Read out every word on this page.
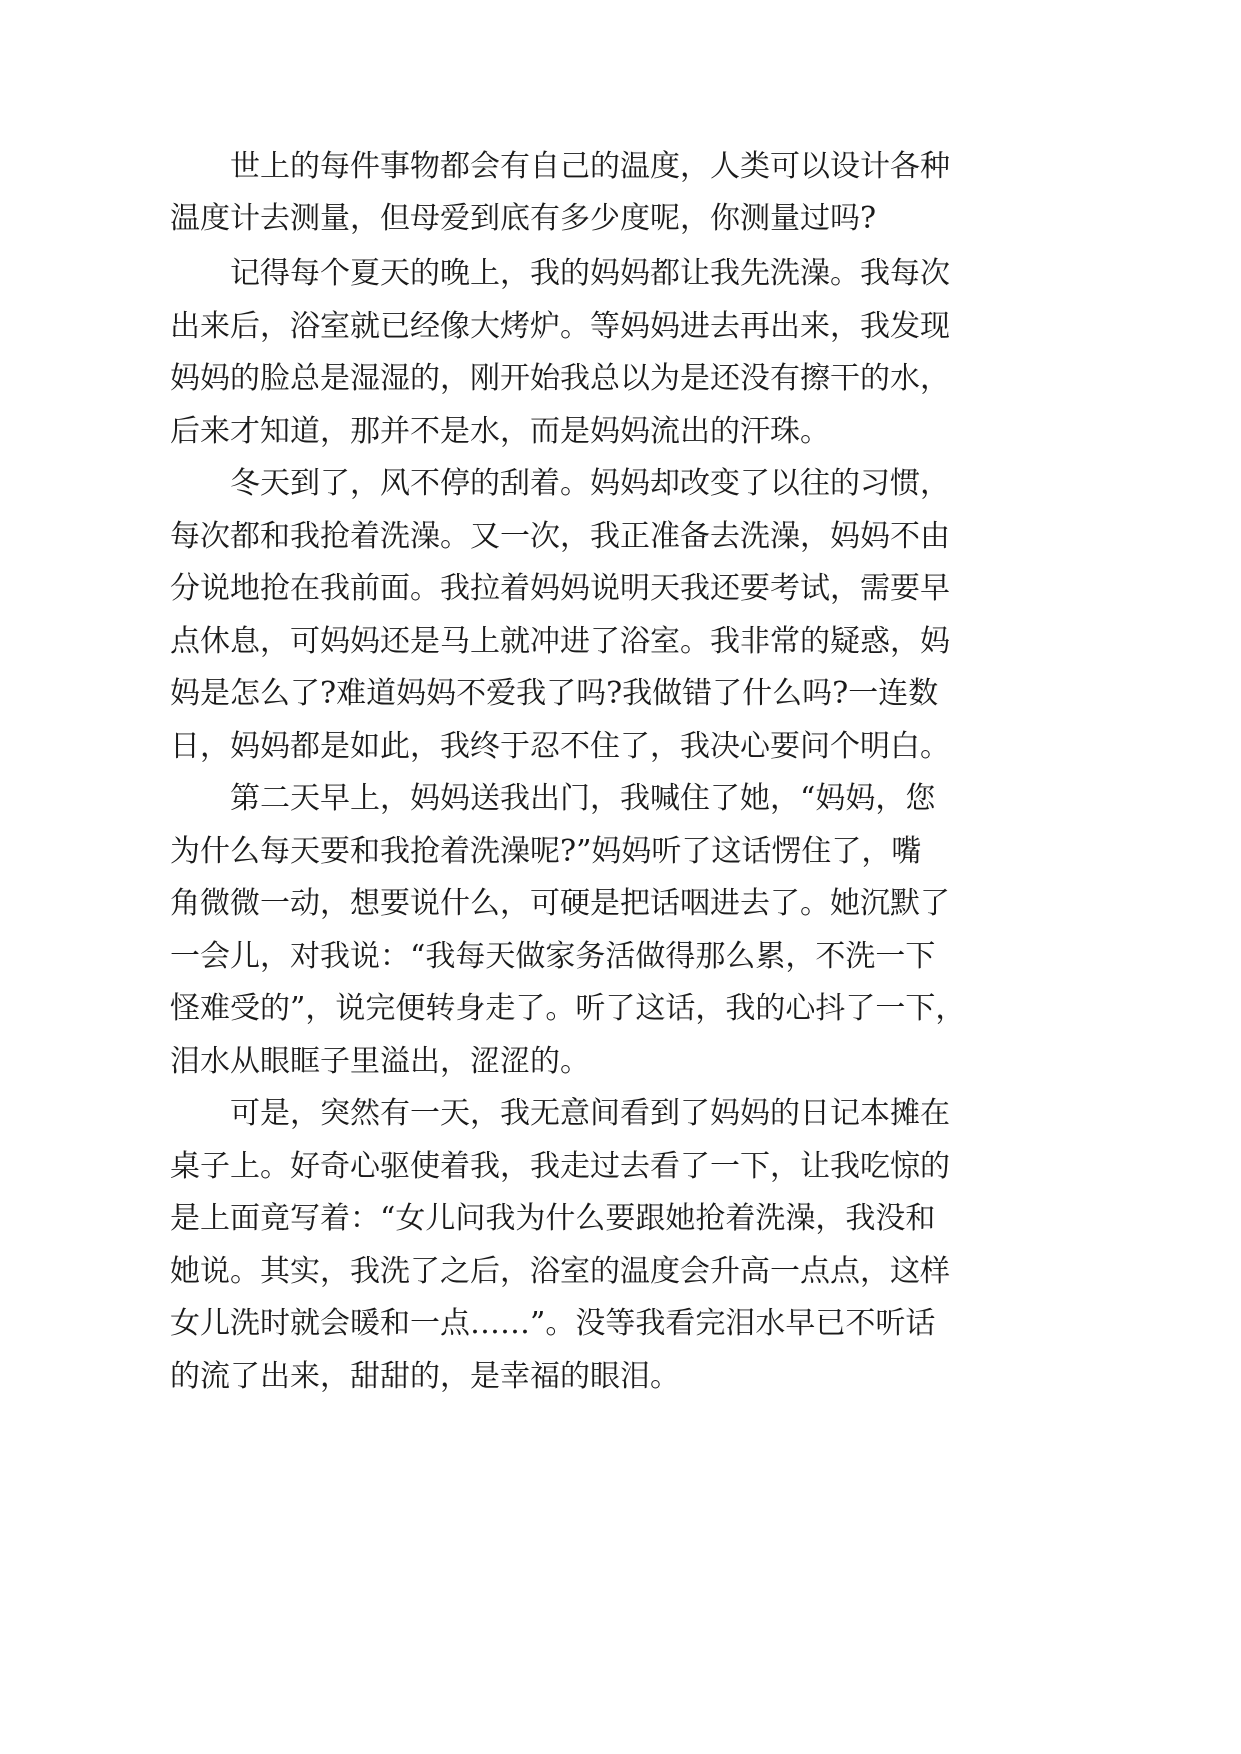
世上的每件事物都会有自己的温度，人类可以设计各种
温度计去测量，但母爱到底有多少度呢，你测量过吗?
记得每个夏天的晚上，我的妈妈都让我先洗澡。我每次
出来后，浴室就已经像大烤炉。等妈妈进去再出来，我发现
妈妈的脸总是湿湿的，刚开始我总以为是还没有擦干的水，
后来才知道，那并不是水，而是妈妈流出的汗珠。
冬天到了，风不停的刮着。妈妈却改变了以往的习惯，
每次都和我抢着洗澡。又一次，我正准备去洗澡，妈妈不由
分说地抢在我前面。我拉着妈妈说明天我还要考试，需要早
点休息，可妈妈还是马上就冲进了浴室。我非常的疑惑，妈
妈是怎么了?难道妈妈不爱我了吗?我做错了什么吗?一连数
日，妈妈都是如此，我终于忍不住了，我决心要问个明白。
第二天早上，妈妈送我出门，我喊住了她，“妈妈，您
为什么每天要和我抢着洗澡呢?”妈妈听了这话愣住了，嘴
角微微一动，想要说什么，可硬是把话咽进去了。她沉默了
一会儿，对我说：“我每天做家务活做得那么累，不洗一下
怪难受的”，说完便转身走了。听了这话，我的心抖了一下，
泪水从眼眶子里溢出，涩涩的。
可是，突然有一天，我无意间看到了妈妈的日记本摊在
桌子上。好奇心驱使着我，我走过去看了一下，让我吃惊的
是上面竟写着：“女儿问我为什么要跟她抢着洗澡，我没和
她说。其实，我洗了之后，浴室的温度会升高一点点，这样
女儿洗时就会暖和一点……”。没等我看完泪水早已不听话
的流了出来，甜甜的，是幸福的眼泪。
